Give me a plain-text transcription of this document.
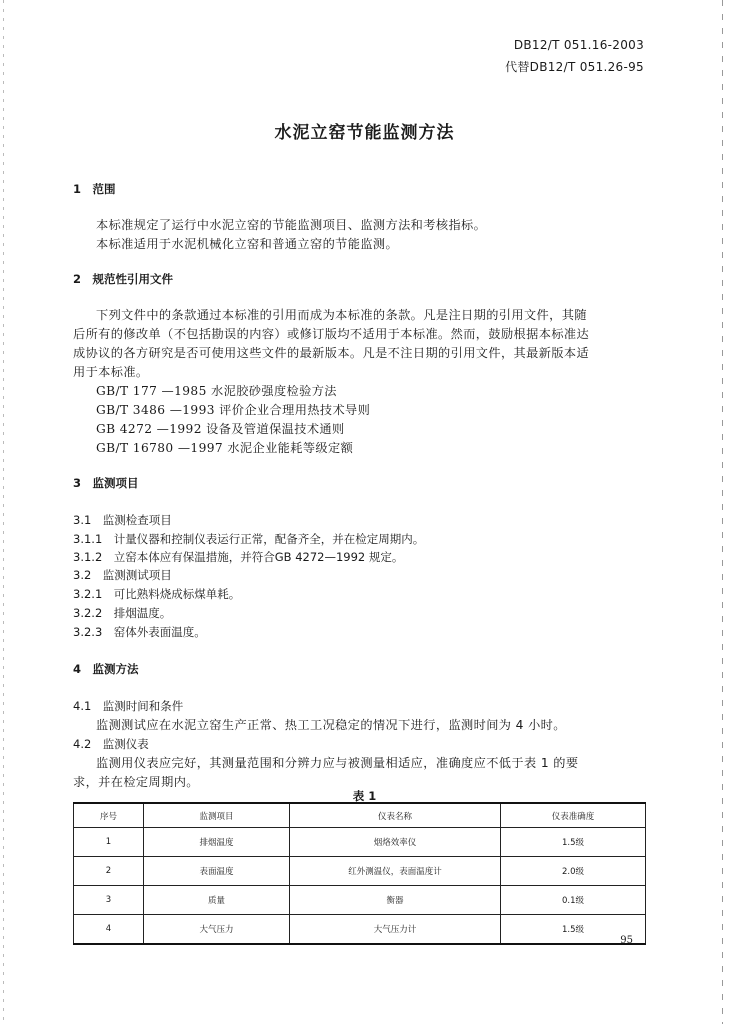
DB12/T 051.16-2003
代替DB12/T 051.26-95
水泥立窑节能监测方法
1　范围
本标准规定了运行中水泥立窑的节能监测项目、监测方法和考核指标。
本标准适用于水泥机械化立窑和普通立窑的节能监测。
2　规范性引用文件
下列文件中的条款通过本标准的引用而成为本标准的条款。凡是注日期的引用文件，其随
后所有的修改单（不包括勘误的内容）或修订版均不适用于本标准。然而，鼓励根据本标准达
成协议的各方研究是否可使用这些文件的最新版本。凡是不注日期的引用文件，其最新版本适
用于本标准。
GB/T 177 —1985 水泥胶砂强度检验方法
GB/T 3486 —1993 评价企业合理用热技术导则
GB 4272 —1992 设备及管道保温技术通则
GB/T 16780 —1997 水泥企业能耗等级定额
3　监测项目
3.1　监测检查项目
3.1.1　计量仪器和控制仪表运行正常，配备齐全，并在检定周期内。
3.1.2　立窑本体应有保温措施，并符合GB 4272—1992 规定。
3.2　监测测试项目
3.2.1　可比熟料烧成标煤单耗。
3.2.2　排烟温度。
3.2.3　窑体外表面温度。
4　监测方法
4.1　监测时间和条件
监测测试应在水泥立窑生产正常、热工工况稳定的情况下进行，监测时间为 4 小时。
4.2　监测仪表
监测用仪表应完好，其测量范围和分辨力应与被测量相适应，准确度应不低于表 1 的要
求，并在检定周期内。
表 1
序号	监测项目	仪表名称	仪表准确度
1	排烟温度	烟烙效率仪	1.5级
2	表面温度	红外测温仪，表面温度计	2.0级
3	质量	衡器	0.1级
4	大气压力	大气压力计	1.5级
95
